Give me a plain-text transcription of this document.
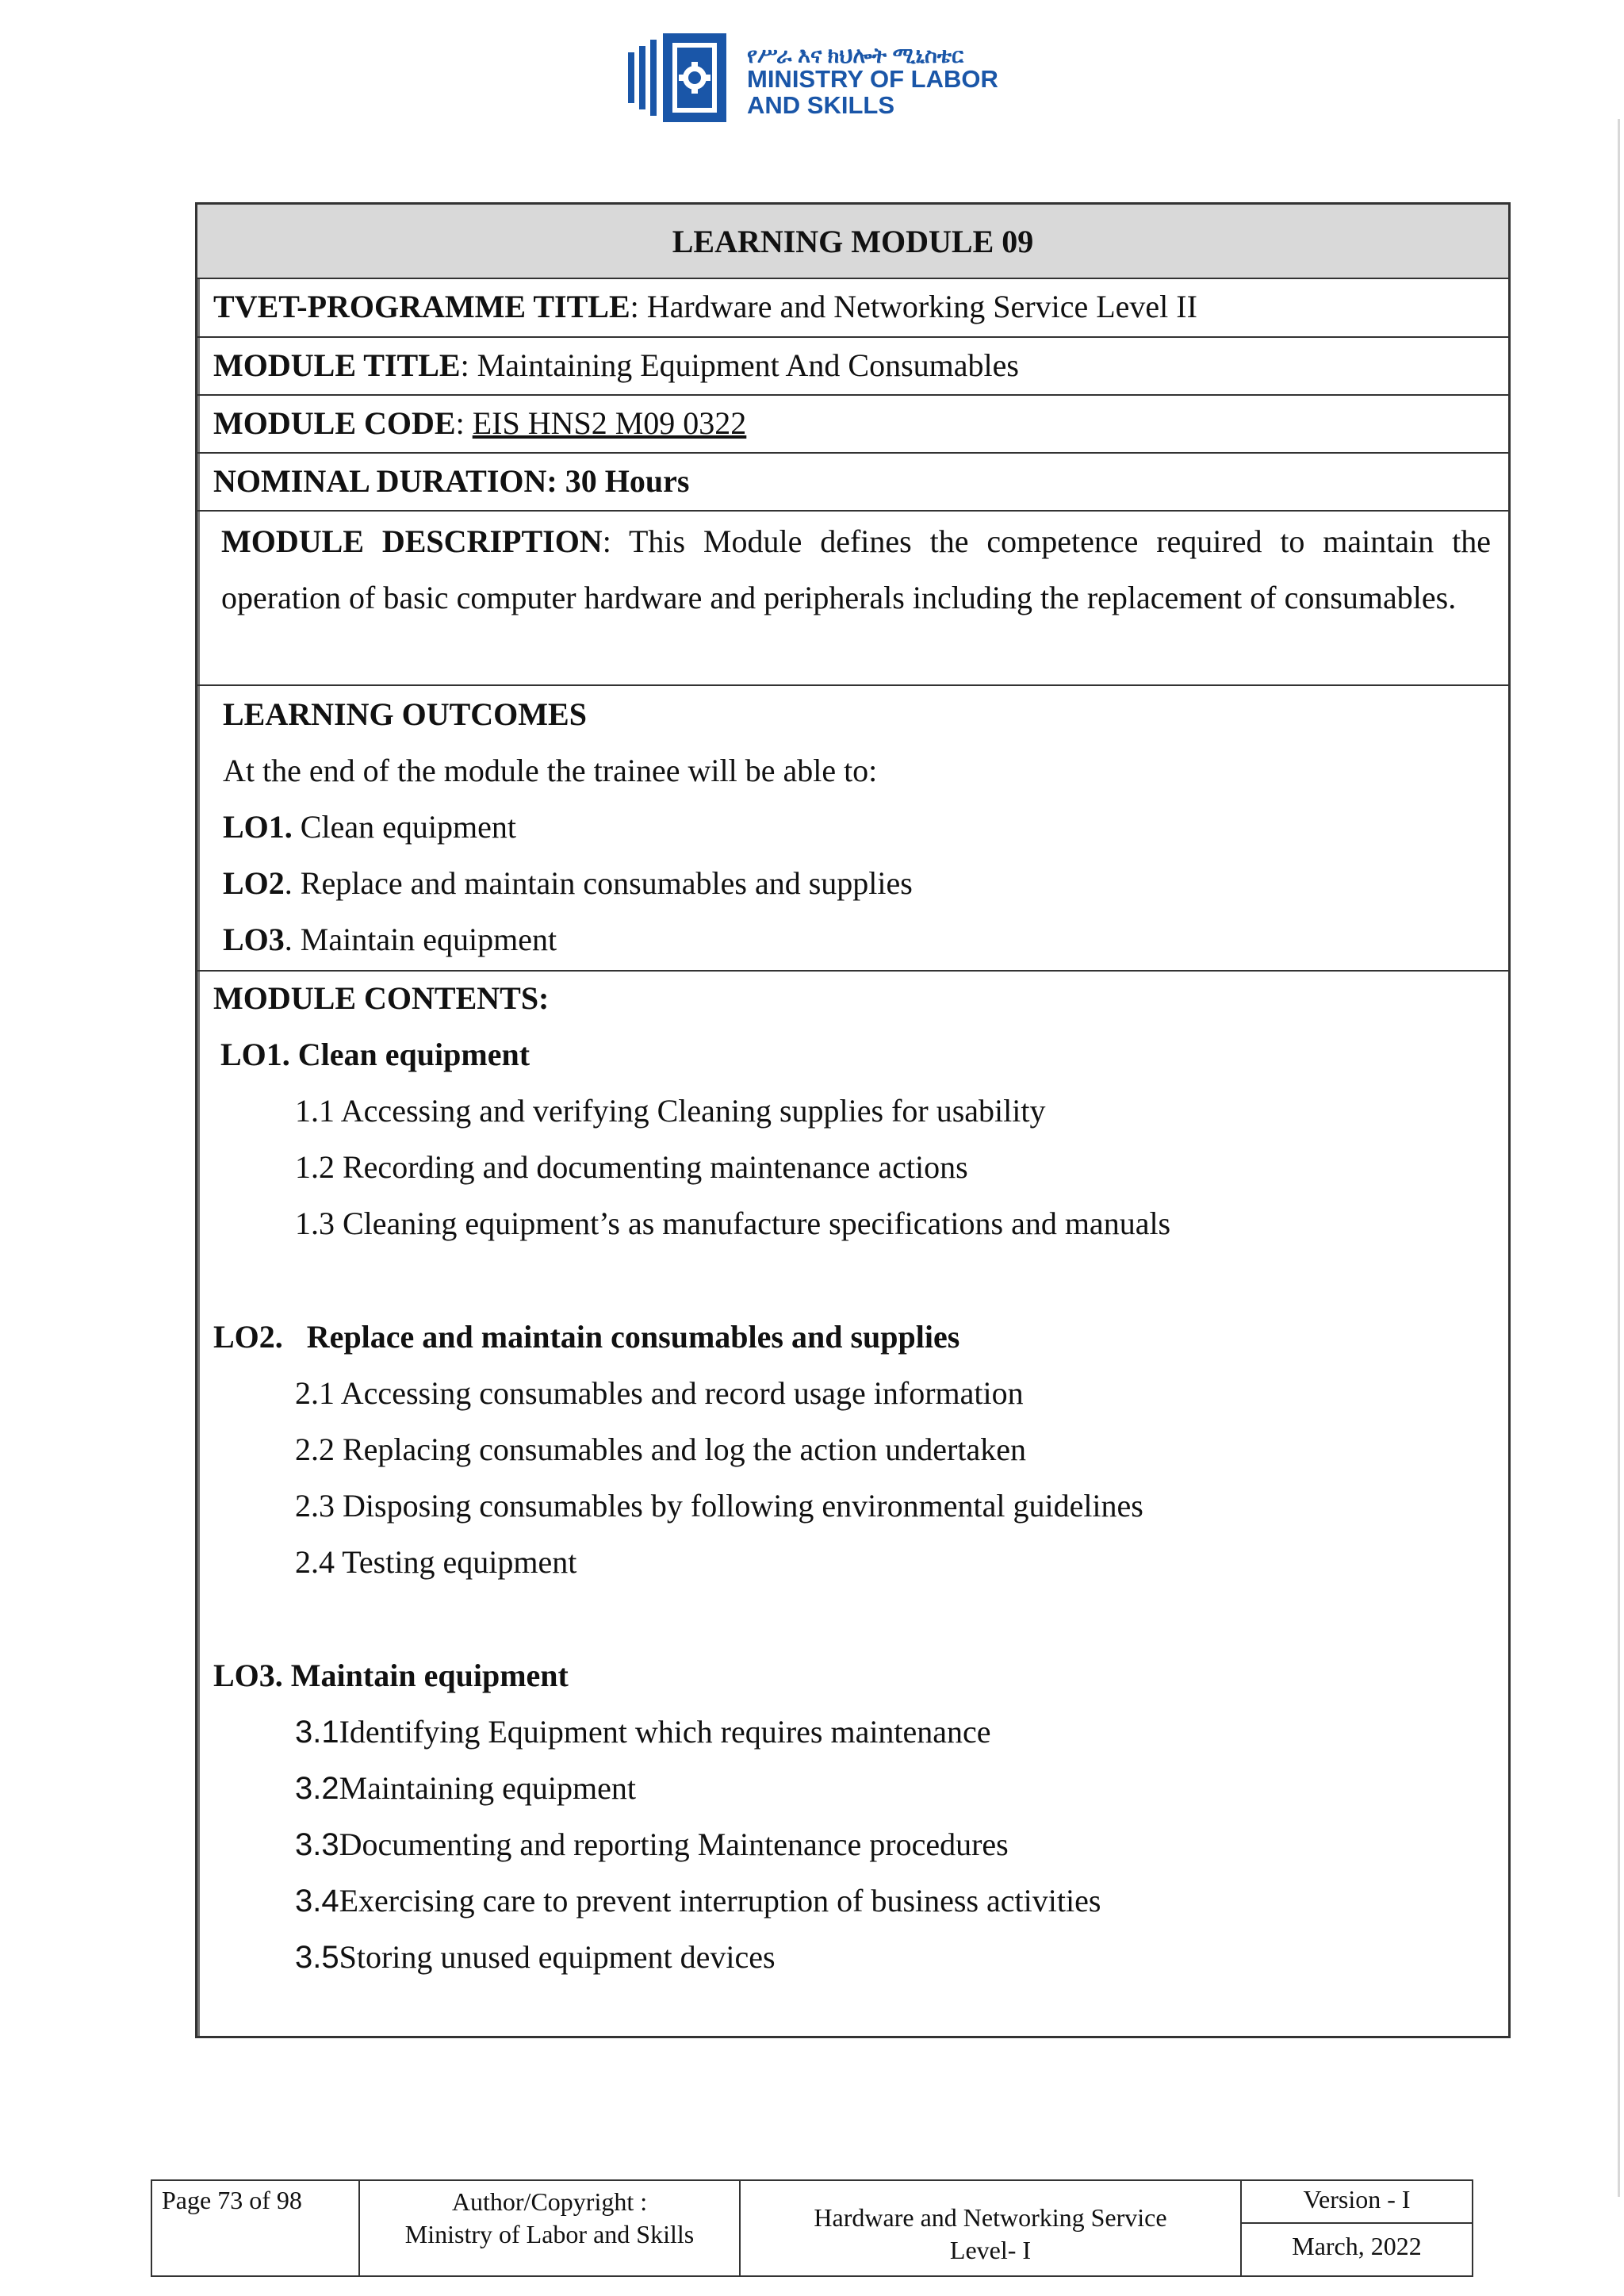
የሥራ እና ክህሎት ሚኒስቴር
MINISTRY OF LABOR
AND SKILLS
LEARNING MODULE 09
TVET-PROGRAMME TITLE: Hardware and Networking Service Level II
MODULE TITLE: Maintaining Equipment And Consumables
MODULE CODE: EIS HNS2 M09 0322
NOMINAL DURATION: 30 Hours
MODULE DESCRIPTION: This Module defines the competence required to maintain the operation of basic computer hardware and peripherals including the replacement of consumables.
LEARNING OUTCOMES
At the end of the module the trainee will be able to:
LO1. Clean equipment
LO2. Replace and maintain consumables and supplies
LO3. Maintain equipment
MODULE CONTENTS:
LO1. Clean equipment
1.1 Accessing and verifying Cleaning supplies for usability
1.2 Recording and documenting maintenance actions
1.3 Cleaning equipment’s as manufacture specifications and manuals
LO2. Replace and maintain consumables and supplies
2.1 Accessing consumables and record usage information
2.2 Replacing consumables and log the action undertaken
2.3 Disposing consumables by following environmental guidelines
2.4 Testing equipment
LO3. Maintain equipment
3.1Identifying Equipment which requires maintenance
3.2Maintaining equipment
3.3Documenting and reporting Maintenance procedures
3.4Exercising care to prevent interruption of business activities
3.5Storing unused equipment devices
Page 73 of 98	Author/Copyright :
Ministry of Labor and Skills
Hardware and Networking Service
Level- I
Version - I
March, 2022
